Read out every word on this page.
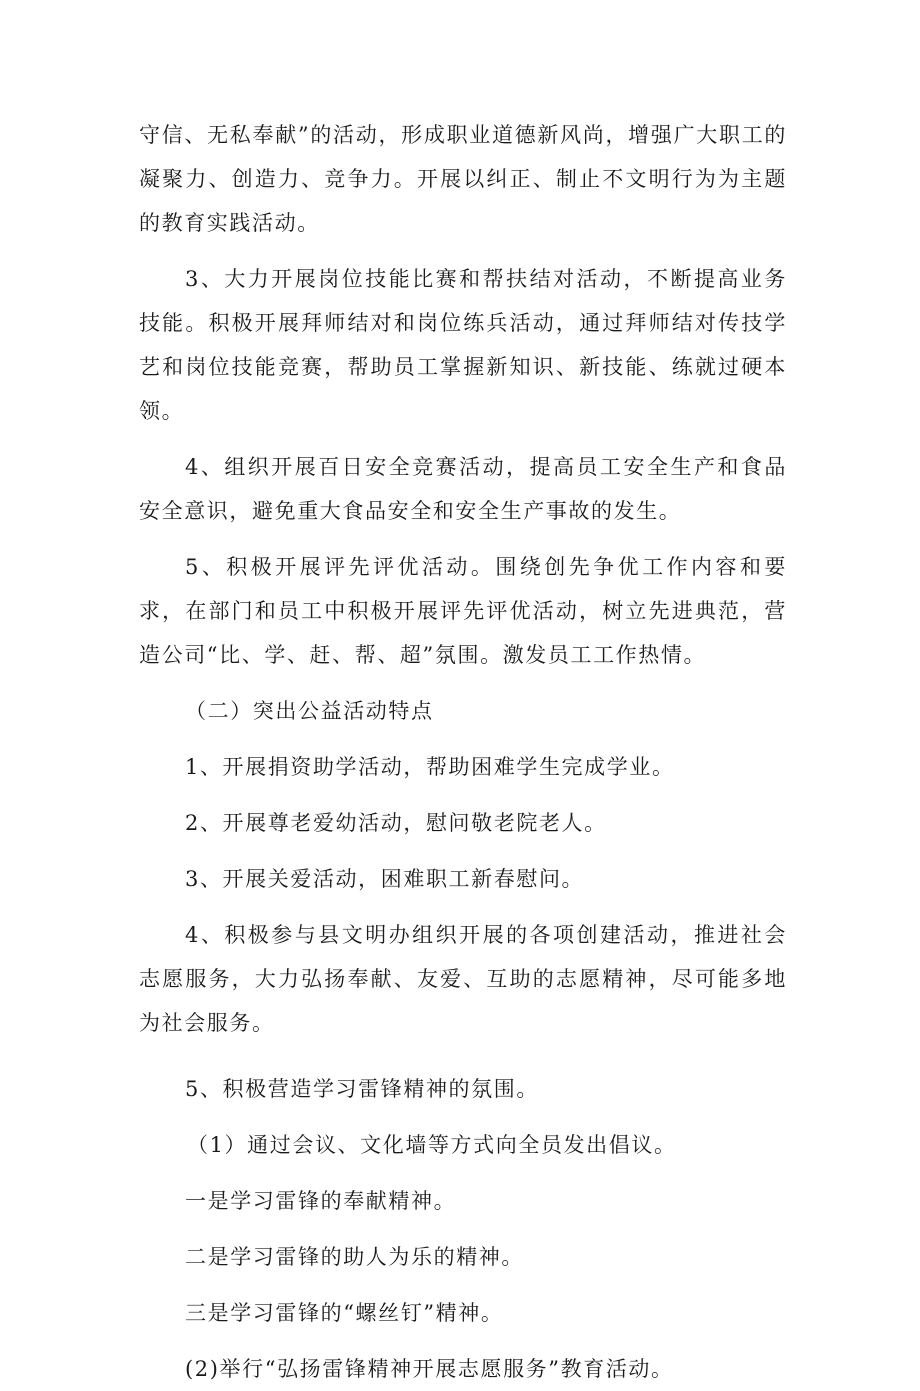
守信、无私奉献”的活动，形成职业道德新风尚，增强广大职工的凝聚力、创造力、竞争力。开展以纠正、制止不文明行为为主题的教育实践活动。

3、大力开展岗位技能比赛和帮扶结对活动，不断提高业务技能。积极开展拜师结对和岗位练兵活动，通过拜师结对传技学艺和岗位技能竞赛，帮助员工掌握新知识、新技能、练就过硬本领。

4、组织开展百日安全竞赛活动，提高员工安全生产和食品安全意识，避免重大食品安全和安全生产事故的发生。

5、积极开展评先评优活动。围绕创先争优工作内容和要求，在部门和员工中积极开展评先评优活动，树立先进典范，营造公司“比、学、赶、帮、超”氛围。激发员工工作热情。

（二）突出公益活动特点

1、开展捐资助学活动，帮助困难学生完成学业。

2、开展尊老爱幼活动，慰问敬老院老人。

3、开展关爱活动，困难职工新春慰问。

4、积极参与县文明办组织开展的各项创建活动，推进社会志愿服务，大力弘扬奉献、友爱、互助的志愿精神，尽可能多地为社会服务。

5、积极营造学习雷锋精神的氛围。

（1）通过会议、文化墙等方式向全员发出倡议。

一是学习雷锋的奉献精神。

二是学习雷锋的助人为乐的精神。

三是学习雷锋的“螺丝钉”精神。

(2)举行“弘扬雷锋精神开展志愿服务”教育活动。
